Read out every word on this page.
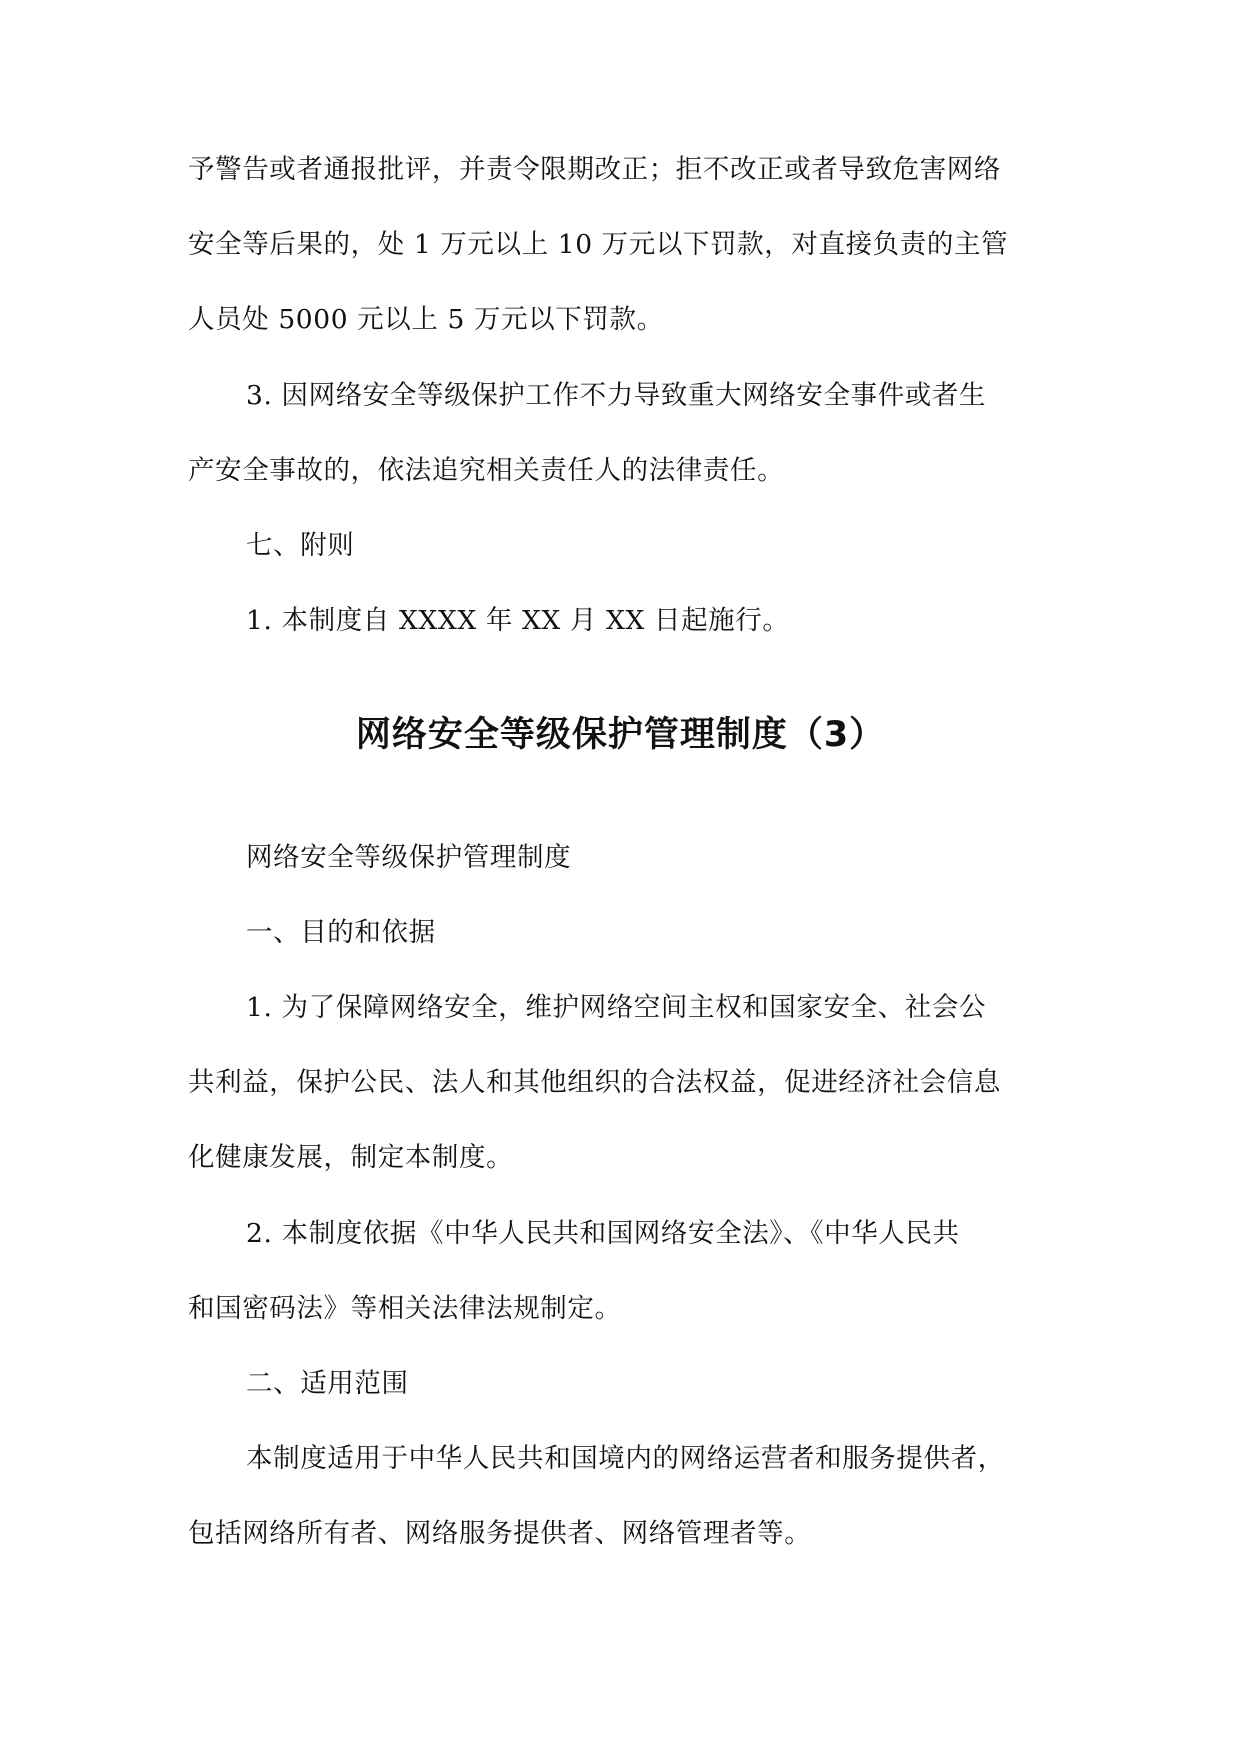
予警告或者通报批评，并责令限期改正；拒不改正或者导致危害网络
安全等后果的，处 1 万元以上 10 万元以下罚款，对直接负责的主管
人员处 5000 元以上 5 万元以下罚款。
3. 因网络安全等级保护工作不力导致重大网络安全事件或者生
产安全事故的，依法追究相关责任人的法律责任。
七、附则
1. 本制度自 XXXX 年 XX 月 XX 日起施行。
网络安全等级保护管理制度（3）
网络安全等级保护管理制度
一、目的和依据
1. 为了保障网络安全，维护网络空间主权和国家安全、社会公
共利益，保护公民、法人和其他组织的合法权益，促进经济社会信息
化健康发展，制定本制度。
2. 本制度依据《中华人民共和国网络安全法》、《中华人民共
和国密码法》等相关法律法规制定。
二、适用范围
本制度适用于中华人民共和国境内的网络运营者和服务提供者，
包括网络所有者、网络服务提供者、网络管理者等。
